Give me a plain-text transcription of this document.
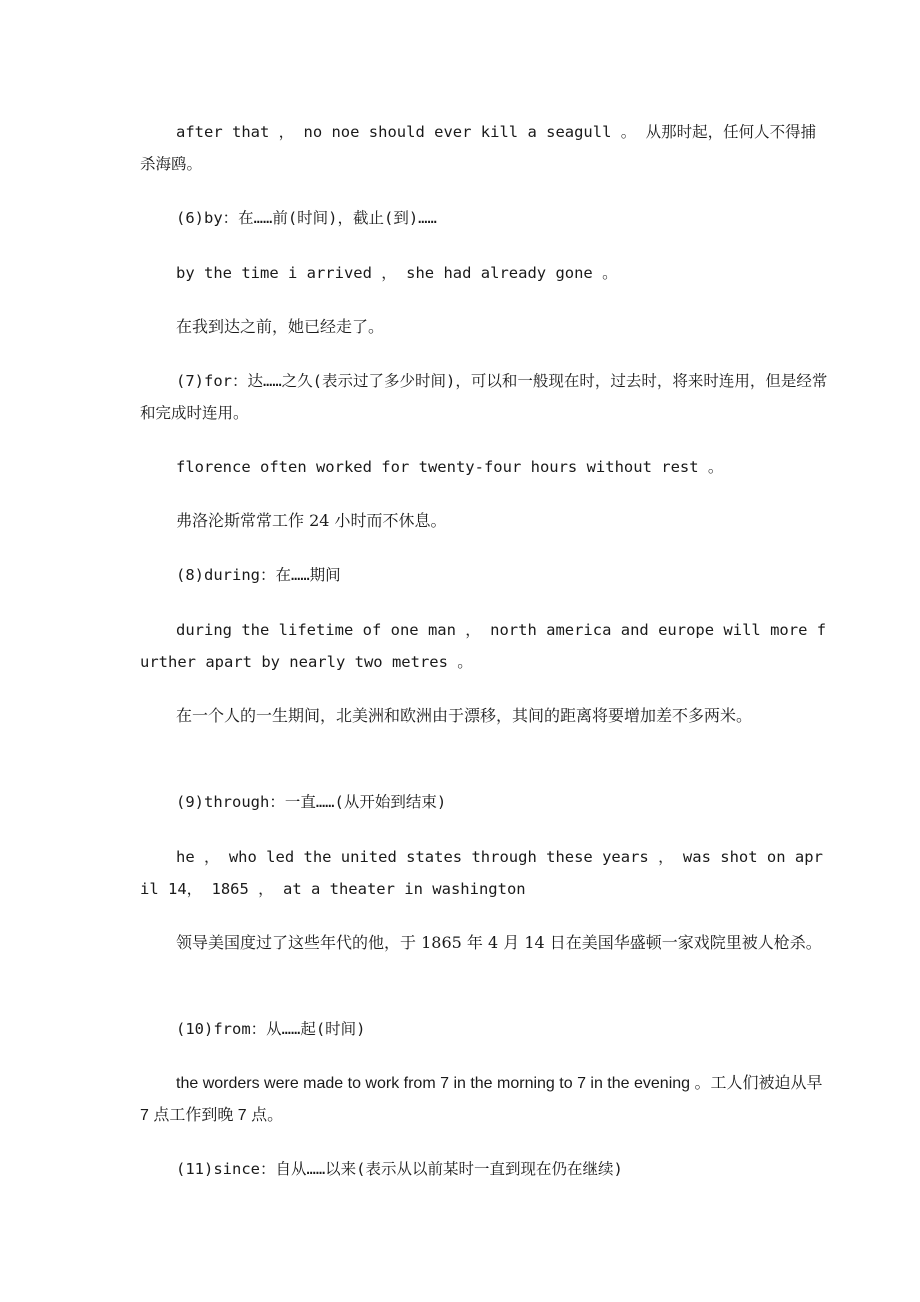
after that ， no noe should ever kill a seagull 。 从那时起，任何人不得捕杀海鸥。

(6)by：在……前(时间)，截止(到)……

by the time i arrived ， she had already gone 。

在我到达之前，她已经走了。

(7)for：达……之久(表示过了多少时间)，可以和一般现在时，过去时，将来时连用，但是经常和完成时连用。

florence often worked for twenty-four hours without rest 。

弗洛沦斯常常工作 24 小时而不休息。

(8)during：在……期间

during the lifetime of one man ， north america and europe will more further apart by nearly two metres 。

在一个人的一生期间，北美洲和欧洲由于漂移，其间的距离将要增加差不多两米。

(9)through：一直……(从开始到结束)

he ， who led the united states through these years ， was shot on april 14， 1865 ， at a theater in washington

领导美国度过了这些年代的他，于 1865 年 4 月 14 日在美国华盛顿一家戏院里被人枪杀。

(10)from：从……起(时间)

the worders were made to work from 7 in the morning to 7 in the evening 。工人们被迫从早 7 点工作到晚 7 点。

(11)since：自从……以来(表示从以前某时一直到现在仍在继续)
